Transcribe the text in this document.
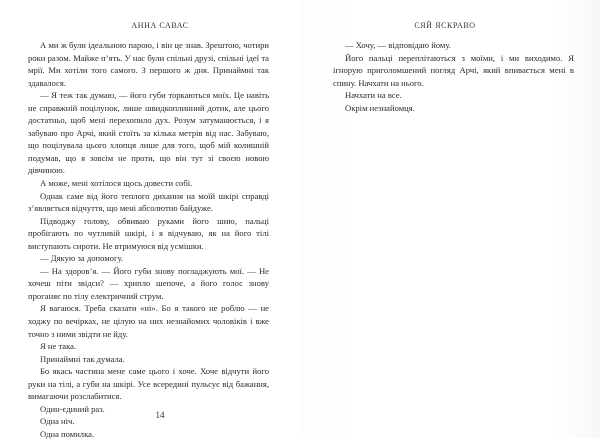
АННА САВАС

А ми ж були ідеальною парою, і він це знав. Зрештою, чотири роки разом. Майже п’ять. У нас були спільні друзі, спільні ідеї та мрії. Ми хотіли того самого. З першого ж дня. Принаймні так здавалося.

— Я теж так думаю, — його губи торкаються моїх. Це навіть не справжній поцілунок, лише швидкоплинний дотик, але цього достатньо, щоб мені перехопило дух. Розум затуманюється, і я забуваю про Арчі, який стоїть за кілька метрів від нас. Забуваю, що поцілувала цього хлопця лише для того, щоб мій колишній подумав, що я зовсім не проти, що він тут зі своєю новою дівчиною.

А може, мені хотілося щось довести собі.

Однак саме від його теплого дихання на моїй шкірі справді з’являється відчуття, що мені абсолютно байдуже.

Підводжу голову, обвиваю руками його шию, пальці пробігають по чутливій шкірі, і я відчуваю, як на його тілі виступають сироти. Не втримуюся від усмішки.

— Дякую за допомогу.

— На здоров’я. — Його губи знову погладжують мої. — Не хочеш піти звідси? — хрипло шепоче, а його голос знову проганяє по тілу електричний струм.

Я вагаюся. Треба сказати «ні». Бо я такого не роблю — не ходжу по вечірках, не цілую на них незнайомих чоловіків і вже точно з ними звідти не йду.

Я не така.

Принаймні так думала.

Бо якась частина мене саме цього і хоче. Хоче відчути його руки на тілі, а губи на шкірі. Усе всередині пульсує від бажання, вимагаючи розслабитися.

Один-єдиний раз.

Одна ніч.

Одна помилка.

14
СЯЙ ЯСКРАВО

— Хочу, — відповідаю йому.

Його пальці переплітаються з моїми, і ми виходимо. Я ігнорую приголомшений погляд Арчі, який впивається мені в спину. Начхати на нього.

Начхати на все.

Окрім незнайомця.
